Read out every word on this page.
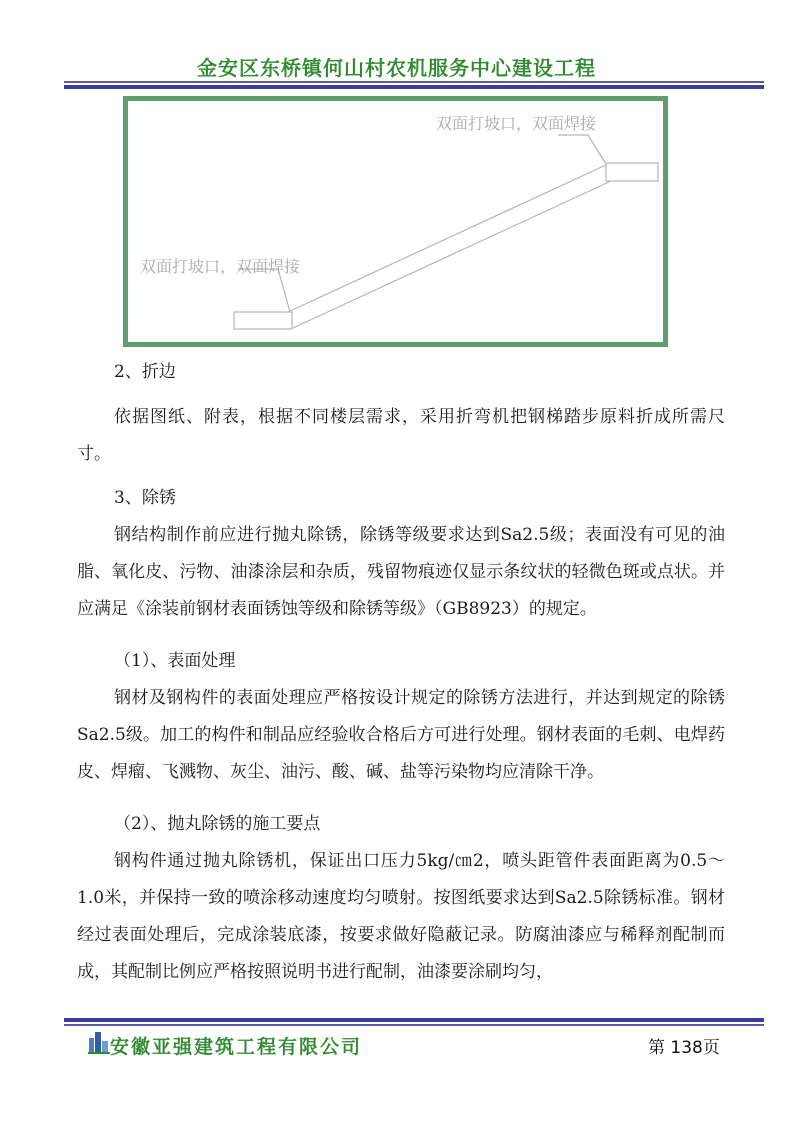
金安区东桥镇何山村农机服务中心建设工程
双面打坡口，双面焊接
双面打坡口，双面焊接
2、折边
依据图纸、附表，根据不同楼层需求，采用折弯机把钢梯踏步原料折成所需尺寸。
3、除锈
钢结构制作前应进行抛丸除锈，除锈等级要求达到Sa2.5级；表面没有可见的油脂、氧化皮、污物、油漆涂层和杂质，残留物痕迹仅显示条纹状的轻微色斑或点状。并应满足《涂装前钢材表面锈蚀等级和除锈等级》（GB8923）的规定。
（1）、表面处理
钢材及钢构件的表面处理应严格按设计规定的除锈方法进行，并达到规定的除锈 Sa2.5级。加工的构件和制品应经验收合格后方可进行处理。钢材表面的毛刺、电焊药皮、焊瘤、飞溅物、灰尘、油污、酸、碱、盐等污染物均应清除干净。
（2）、抛丸除锈的施工要点
钢构件通过抛丸除锈机，保证出口压力5kg/㎝2，喷头距管件表面距离为0.5～1.0米，并保持一致的喷涂移动速度均匀喷射。按图纸要求达到Sa2.5除锈标准。钢材经过表面处理后，完成涂装底漆，按要求做好隐蔽记录。防腐油漆应与稀释剂配制而成，其配制比例应严格按照说明书进行配制，油漆要涂刷均匀，
安徽亚强建筑工程有限公司	第 138页
